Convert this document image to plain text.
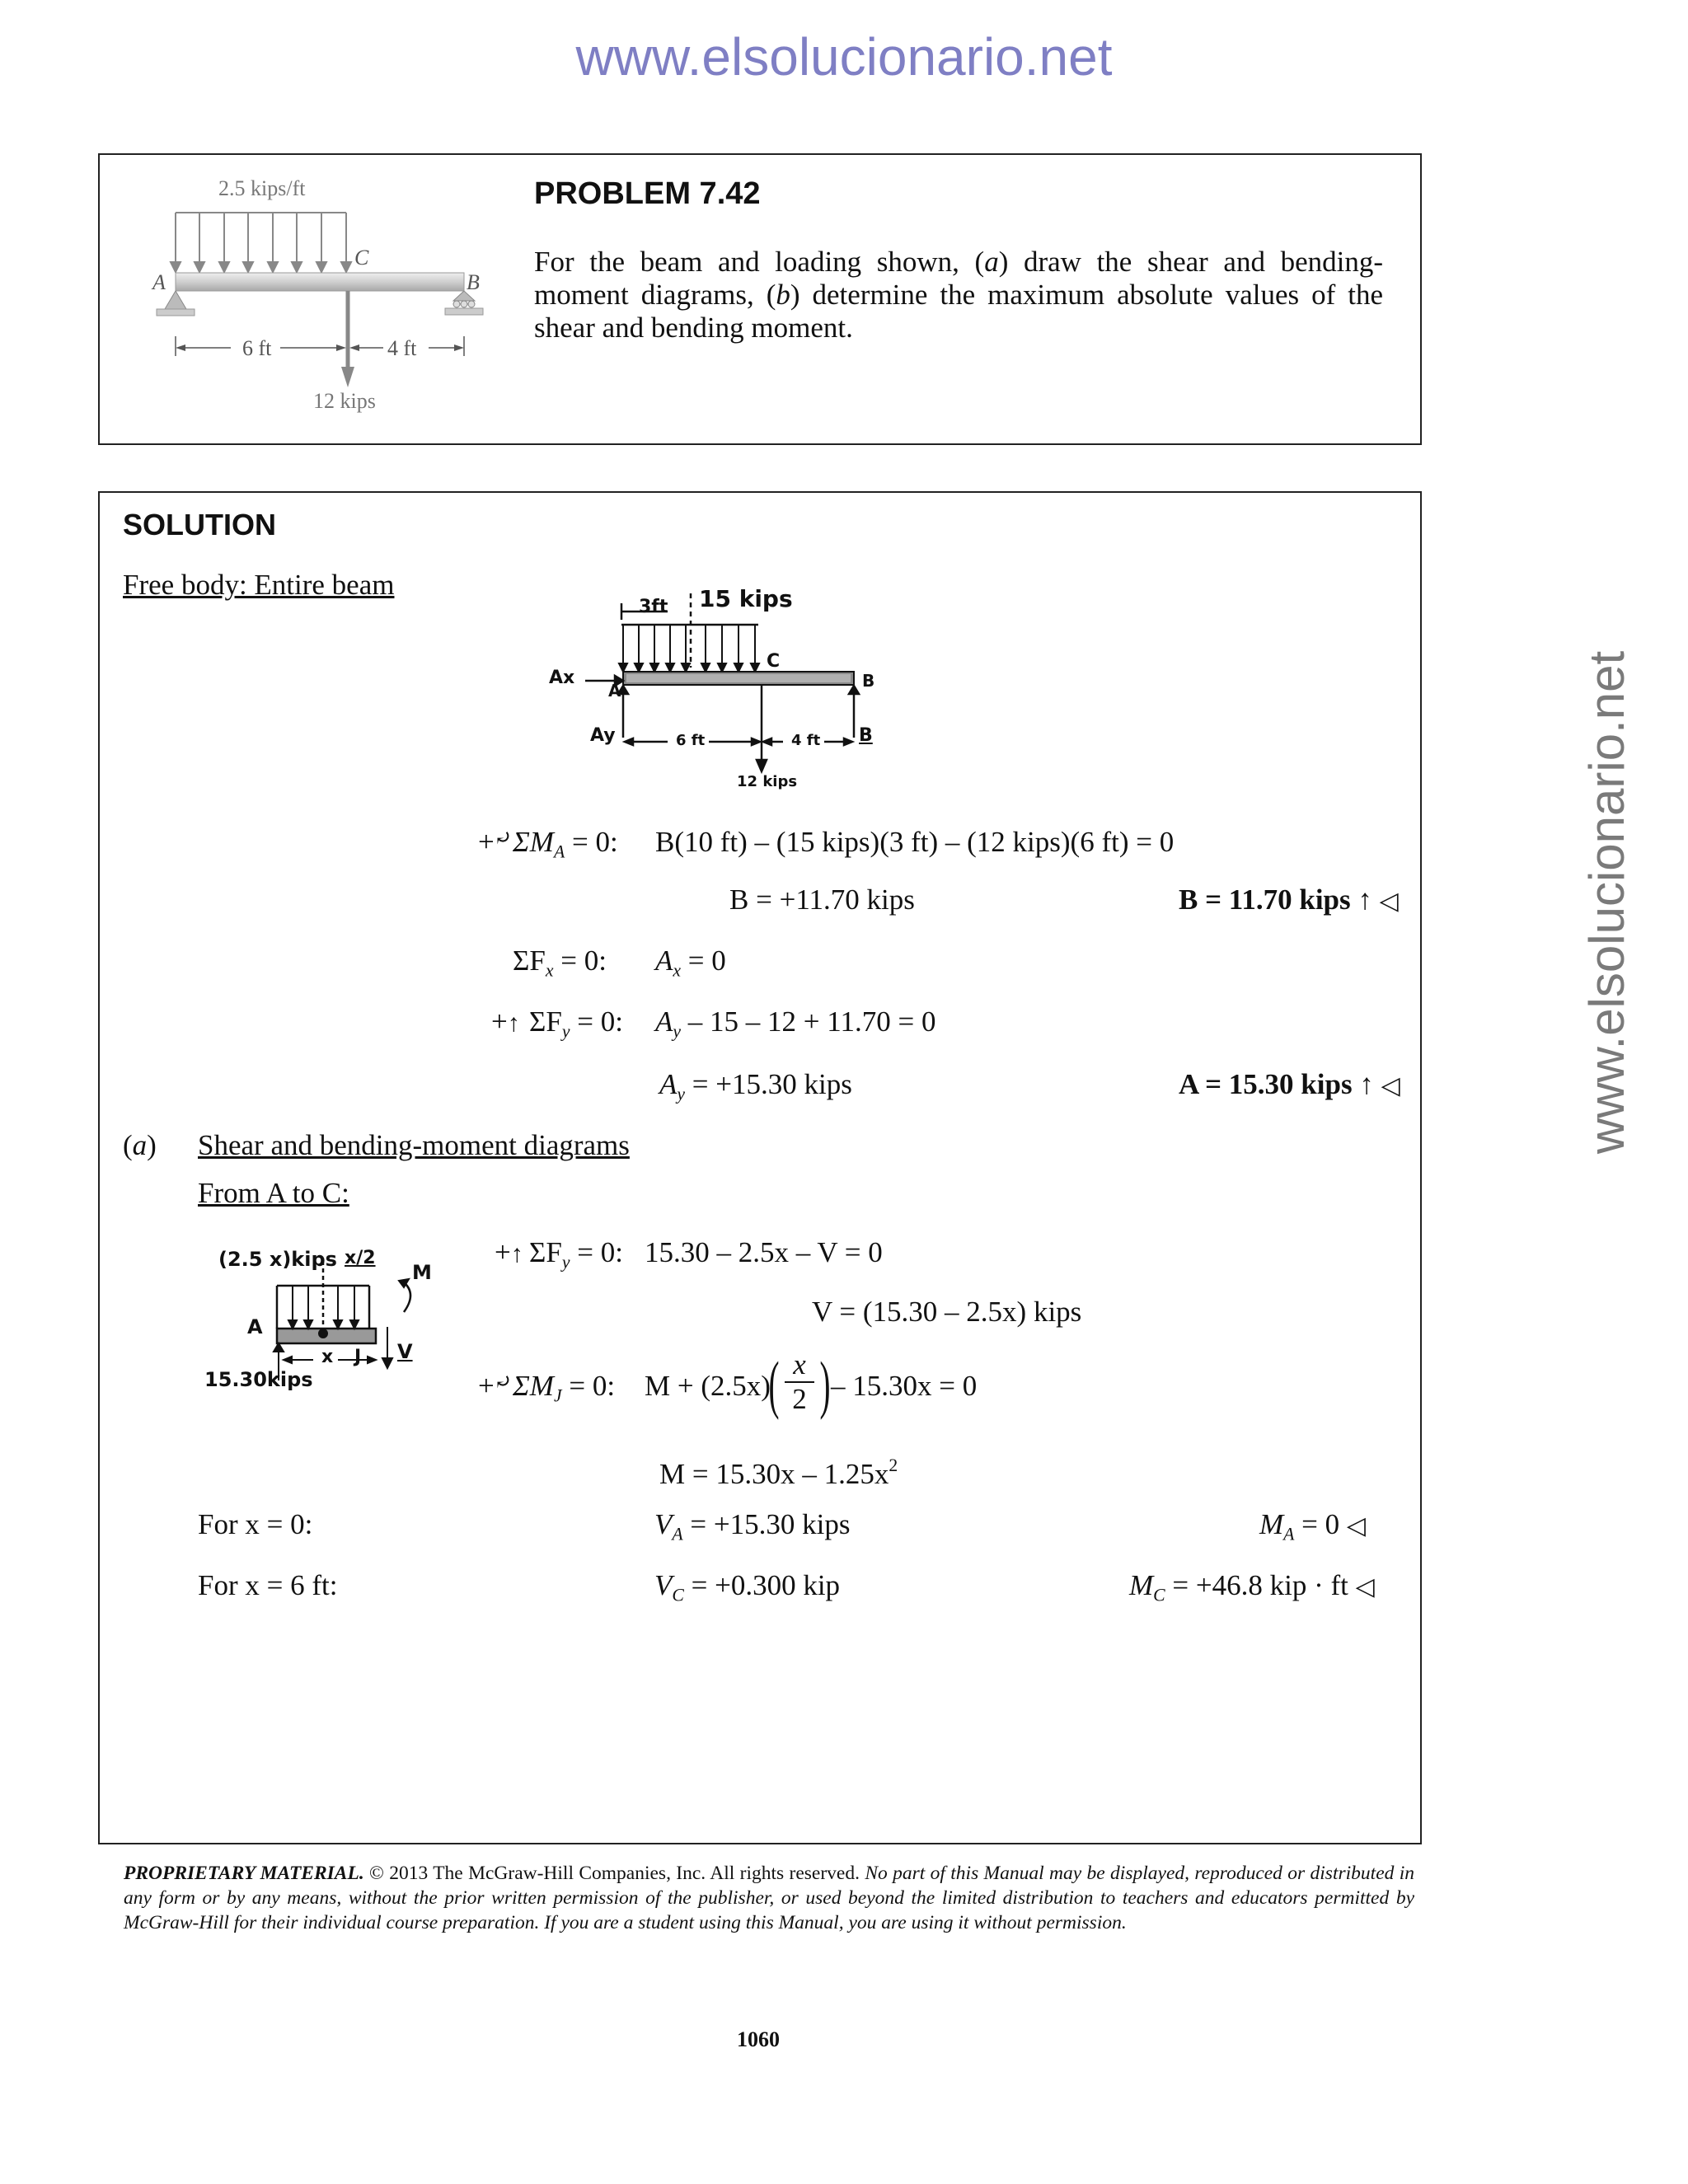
www.elsolucionario.net
www.elsolucionario.net
2.5 kips/ft
C
A	B
6 ft	4 ft
12 kips
PROBLEM 7.42
For the beam and loading shown, (a) draw the shear and bending-moment diagrams, (b) determine the maximum absolute values of the shear and bending moment.
SOLUTION
Free body: Entire beam
3ft 15 kips
C
Ax
A	B
Ay	6 ft	4 ft B
12 kips
+⤾ $\Sigma M_A = 0$: B(10 ft) – (15 kips)(3 ft) – (12 kips)(6 ft) = 0
B = +11.70 kips	B = 11.70 kips ↑ ◁
$\Sigma F_x = 0$: $A_x = 0$
+↑ $\Sigma F_y = 0$: $A_y - 15 - 12 + 11.70 = 0$
$A_y = +15.30$ kips	A = 15.30 kips ↑ ◁
(a) Shear and bending-moment diagrams
From A to C:
(2.5 x)kips x/2
M
A
J
x	V
15.30kips
+↑ $\Sigma F_y = 0$: 15.30 – 2.5x – V = 0
V = (15.30 – 2.5x) kips
+⤾ $\Sigma M_J = 0$: M + (2.5x)
( x
2 ) – 15.30x = 0
$M = 15.30x - 1.25x^2$
For x = 0:	$V_A = +15.30$ kips	$M_A = 0$ ◁
For x = 6 ft:	$V_C = +0.300$ kip	$M_C = +46.8$ kip · ft ◁
PROPRIETARY MATERIAL. © 2013 The McGraw-Hill Companies, Inc. All rights reserved. No part of this Manual may be displayed, reproduced or distributed in any form or by any means, without the prior written permission of the publisher, or used beyond the limited distribution to teachers and educators permitted by McGraw-Hill for their individual course preparation. If you are a student using this Manual, you are using it without permission.
1060
